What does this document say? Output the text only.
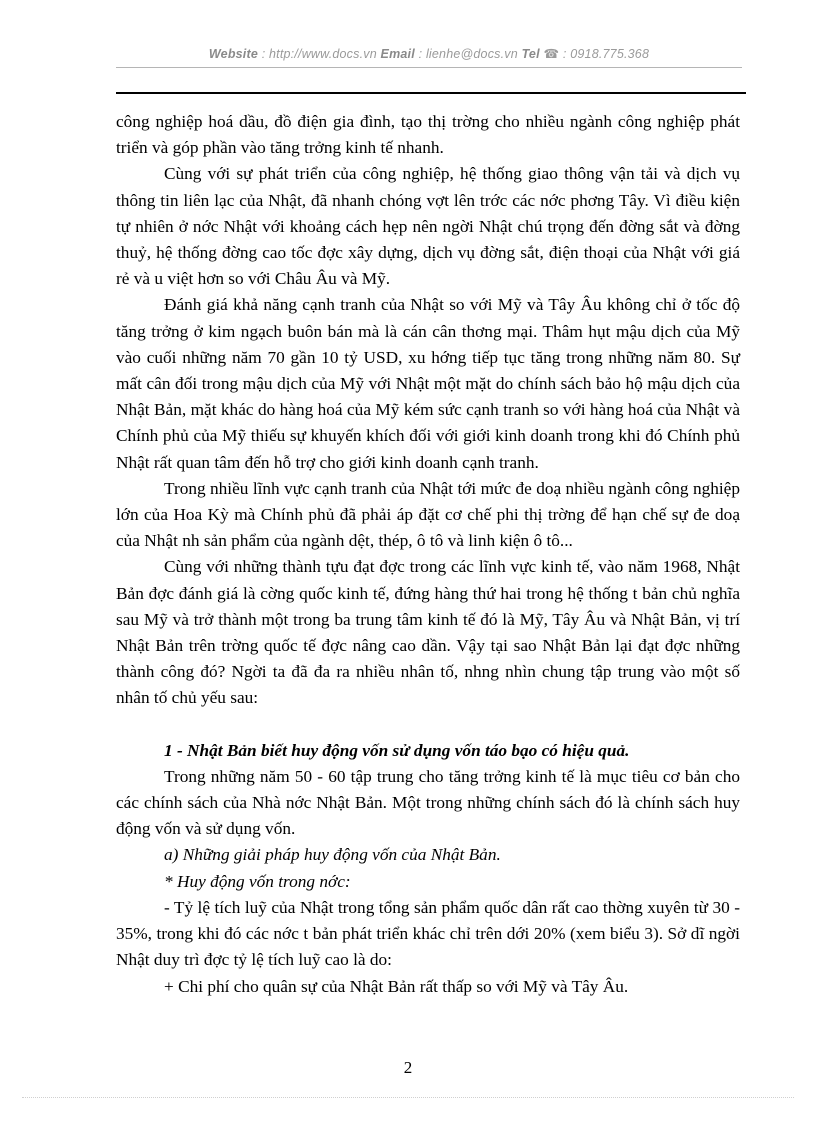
Website : http://www.docs.vn Email : lienhe@docs.vn Tel ☎ : 0918.775.368

công nghiệp hoá dầu, đồ điện gia đình, tạo thị trờng cho nhiều ngành công nghiệp phát triển và góp phần vào tăng trởng kinh tế nhanh.

Cùng với sự phát triển của công nghiệp, hệ thống giao thông vận tải và dịch vụ thông tin liên lạc của Nhật, đã nhanh chóng vợt lên trớc các nớc phơng Tây. Vì điều kiện tự nhiên ở nớc Nhật với khoảng cách hẹp nên ngời Nhật chú trọng đến đờng sắt và đờng thuỷ, hệ thống đờng cao tốc đợc xây dựng, dịch vụ đờng sắt, điện thoại của Nhật với giá rẻ và u việt hơn so với Châu Âu và Mỹ.

Đánh giá khả năng cạnh tranh của Nhật so với Mỹ và Tây Âu không chỉ ở tốc độ tăng trởng ở kim ngạch buôn bán mà là cán cân thơng mại. Thâm hụt mậu dịch của Mỹ vào cuối những năm 70 gần 10 tỷ USD, xu hớng tiếp tục tăng trong những năm 80. Sự mất cân đối trong mậu dịch của Mỹ với Nhật một mặt do chính sách bảo hộ mậu dịch của Nhật Bản, mặt khác do hàng hoá của Mỹ kém sức cạnh tranh so với hàng hoá của Nhật và Chính phủ của Mỹ thiếu sự khuyến khích đối với giới kinh doanh trong khi đó Chính phủ Nhật rất quan tâm đến hỗ trợ cho giới kinh doanh cạnh tranh.

Trong nhiều lĩnh vực cạnh tranh của Nhật tới mức đe doạ nhiều ngành công nghiệp lớn của Hoa Kỳ mà Chính phủ đã phải áp đặt cơ chế phi thị trờng để hạn chế sự đe doạ của Nhật nh sản phẩm của ngành dệt, thép, ô tô và linh kiện ô tô...

Cùng với những thành tựu đạt đợc trong các lĩnh vực kinh tế, vào năm 1968, Nhật Bản đợc đánh giá là cờng quốc kinh tế, đứng hàng thứ hai trong hệ thống t bản chủ nghĩa sau Mỹ và trở thành một trong ba trung tâm kinh tế đó là Mỹ, Tây Âu và Nhật Bản, vị trí Nhật Bản trên trờng quốc tế đợc nâng cao dần. Vậy tại sao Nhật Bản lại đạt đợc những thành công đó? Ngời ta đã đa ra nhiều nhân tố, nhng nhìn chung tập trung vào một số nhân tố chủ yếu sau:

1 - Nhật Bản biết huy động vốn sử dụng vốn táo bạo có hiệu quả.

Trong những năm 50 - 60 tập trung cho tăng trởng kinh tế là mục tiêu cơ bản cho các chính sách của Nhà nớc Nhật Bản. Một trong những chính sách đó là chính sách huy động vốn và sử dụng vốn.

a) Những giải pháp huy động vốn của Nhật Bản.

* Huy động vốn trong nớc:

- Tỷ lệ tích luỹ của Nhật trong tổng sản phẩm quốc dân rất cao thờng xuyên từ 30 - 35%, trong khi đó các nớc t bản phát triển khác chỉ trên dới 20% (xem biểu 3). Sở dĩ ngời Nhật duy trì đợc tỷ lệ tích luỹ cao là do:

+ Chi phí cho quân sự của Nhật Bản rất thấp so với Mỹ và Tây Âu.

2
